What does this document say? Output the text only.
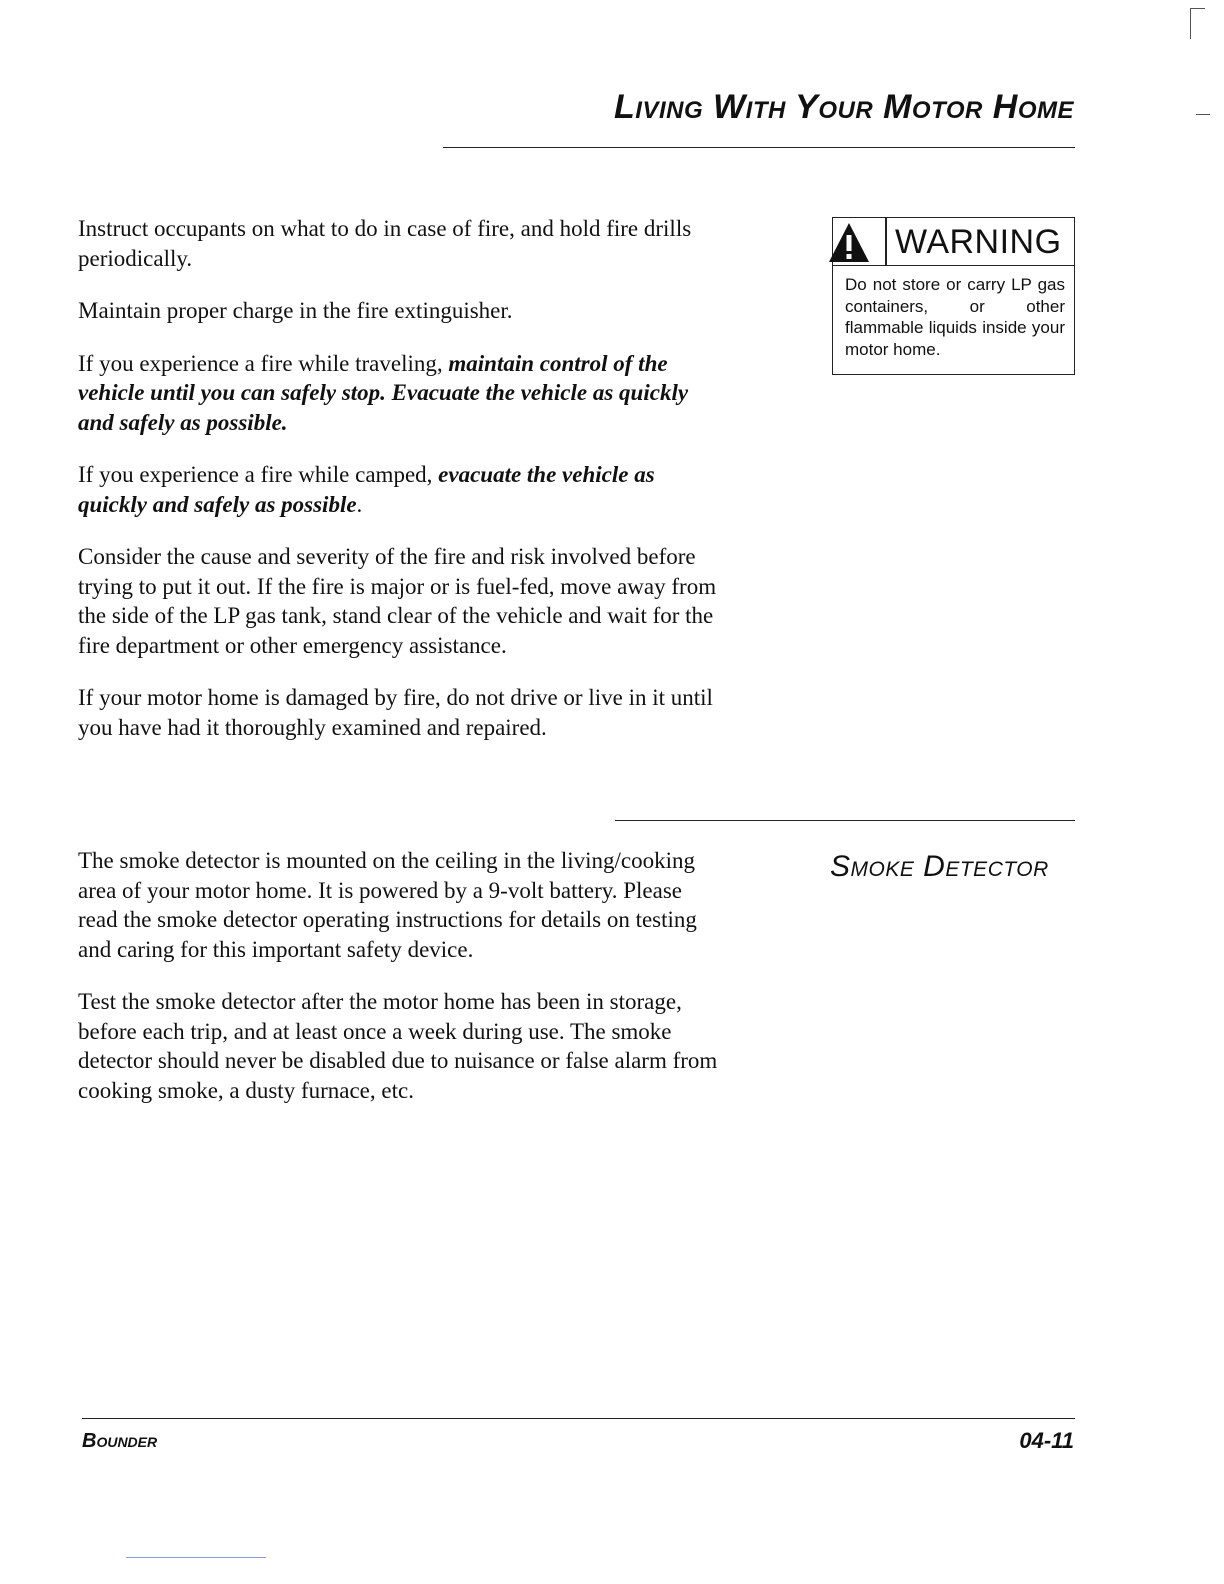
Living With Your Motor Home

Instruct occupants on what to do in case of fire, and hold fire drills periodically.

Maintain proper charge in the fire extinguisher.

If you experience a fire while traveling, maintain control of the vehicle until you can safely stop. Evacuate the vehicle as quickly and safely as possible.

If you experience a fire while camped, evacuate the vehicle as quickly and safely as possible.

Consider the cause and severity of the fire and risk involved before trying to put it out. If the fire is major or is fuel-fed, move away from the side of the LP gas tank, stand clear of the vehicle and wait for the fire department or other emergency assistance.

If your motor home is damaged by fire, do not drive or live in it until you have had it thoroughly examined and repaired.

WARNING
Do not store or carry LP gas containers, or other flammable liquids inside your motor home.

The smoke detector is mounted on the ceiling in the living/cooking area of your motor home. It is powered by a 9-volt battery. Please read the smoke detector operating instructions for details on testing and caring for this important safety device.

Test the smoke detector after the motor home has been in storage, before each trip, and at least once a week during use. The smoke detector should never be disabled due to nuisance or false alarm from cooking smoke, a dusty furnace, etc.

Smoke Detector
Bounder	04-11
